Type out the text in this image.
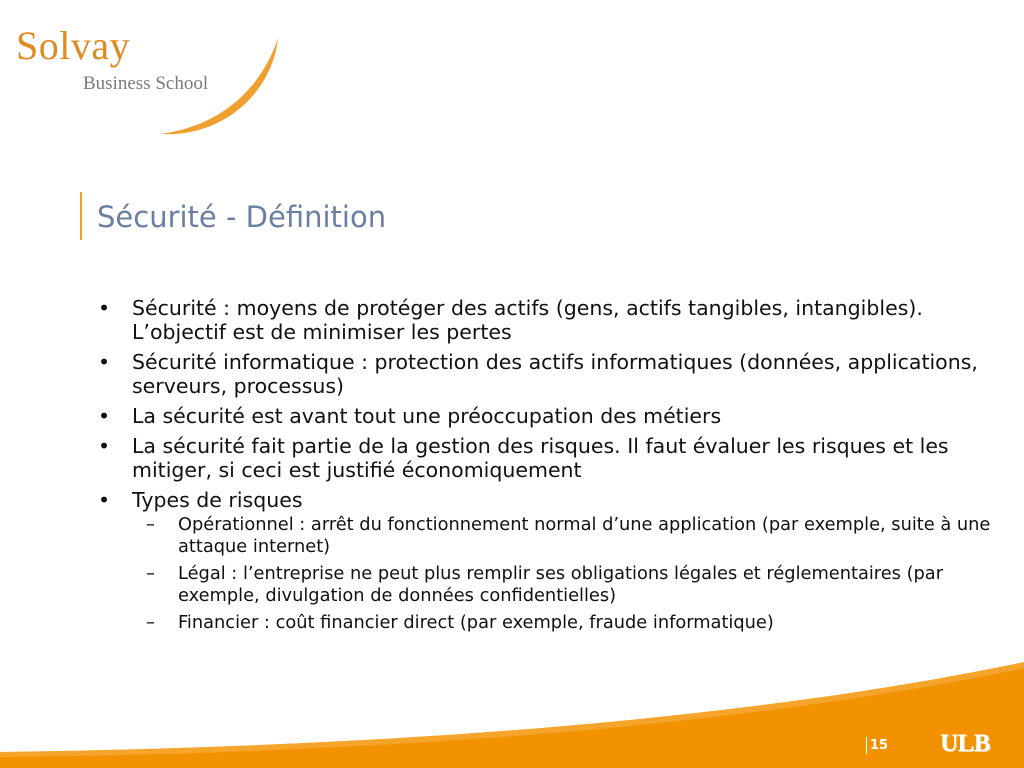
Solvay
Business School
Sécurité - Définition
• Sécurité : moyens de protéger des actifs (gens, actifs tangibles, intangibles). L’objectif est de minimiser les pertes
• Sécurité informatique : protection des actifs informatiques (données, applications, serveurs, processus)
• La sécurité est avant tout une préoccupation des métiers
• La sécurité fait partie de la gestion des risques. Il faut évaluer les risques et les mitiger, si ceci est justifié économiquement
• Types de risques
– Opérationnel : arrêt du fonctionnement normal d’une application (par exemple, suite à une attaque internet)
– Légal : l’entreprise ne peut plus remplir ses obligations légales et réglementaires (par exemple, divulgation de données confidentielles)
– Financier : coût financier direct (par exemple, fraude informatique)
15 ULB
